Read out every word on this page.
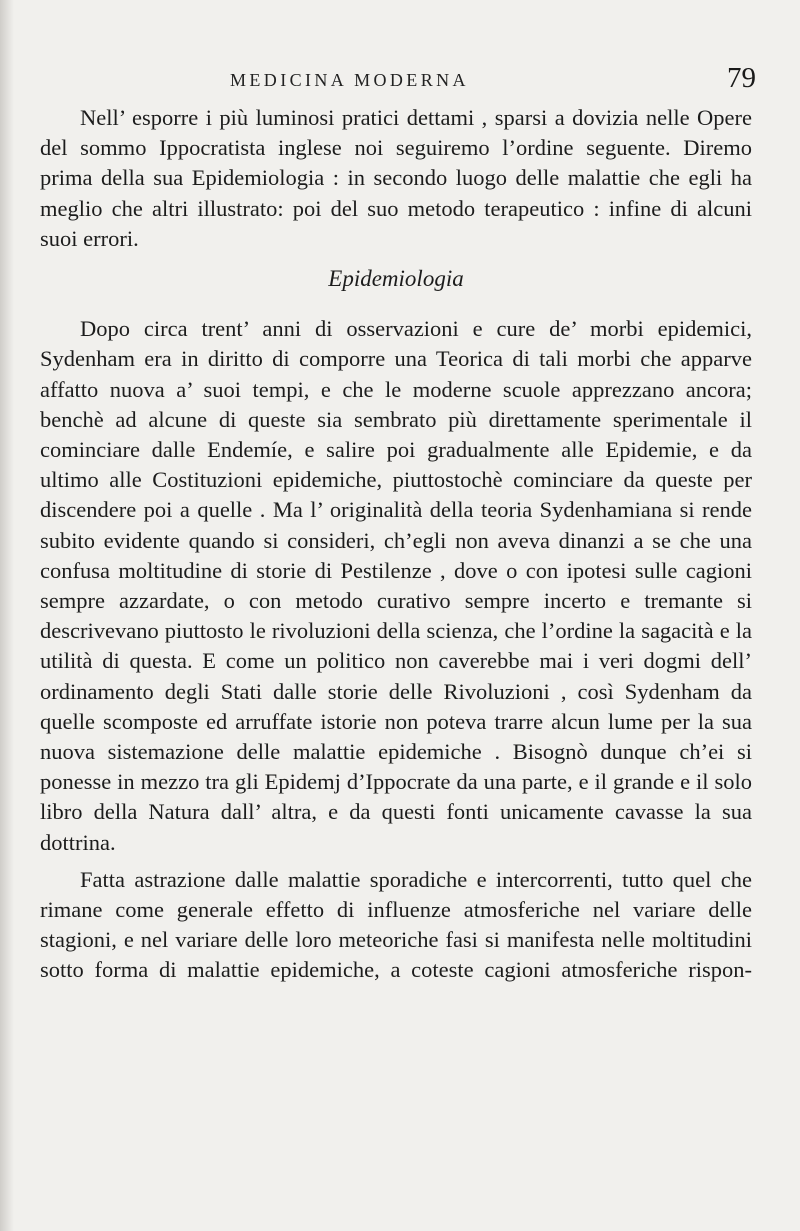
MEDICINA MODERNA	79

Nell’ esporre i più luminosi pratici dettami , sparsi a dovizia nelle Opere del sommo Ippocratista inglese noi seguiremo l’ordine seguente. Diremo prima della sua Epidemiologia : in secondo luogo delle malattie che egli ha meglio che altri illustrato: poi del suo metodo terapeutico : infine di alcuni suoi errori.

Epidemiologia

Dopo circa trent’ anni di osservazioni e cure de’ morbi epidemici, Sydenham era in diritto di comporre una Teorica di tali morbi che apparve affatto nuova a’ suoi tempi, e che le moderne scuole apprezzano ancora; benchè ad alcune di queste sia sembrato più direttamente sperimentale il cominciare dalle Endemíe, e salire poi gradualmente alle Epidemie, e da ultimo alle Costituzioni epidemiche, piuttostochè cominciare da queste per discendere poi a quelle . Ma l’ originalità della teoria Sydenhamiana si rende subito evidente quando si consideri, ch’egli non aveva dinanzi a se che una confusa moltitudine di storie di Pestilenze , dove o con ipotesi sulle cagioni sempre azzardate, o con metodo curativo sempre incerto e tremante si descrivevano piuttosto le rivoluzioni della scienza, che l’ordine la sagacità e la utilità di questa. E come un politico non caverebbe mai i veri dogmi dell’ ordinamento degli Stati dalle storie delle Rivoluzioni , così Sydenham da quelle scomposte ed arruffate istorie non poteva trarre alcun lume per la sua nuova sistemazione delle malattie epidemiche . Bisognò dunque ch’ei si ponesse in mezzo tra gli Epidemj d’Ippocrate da una parte, e il grande e il solo libro della Natura dall’ altra, e da questi fonti unicamente cavasse la sua dottrina.

Fatta astrazione dalle malattie sporadiche e intercorrenti, tutto quel che rimane come generale effetto di influenze atmosferiche nel variare delle stagioni, e nel variare delle loro meteoriche fasi si manifesta nelle moltitudini sotto forma di malattie epidemiche, a coteste cagioni atmosferiche rispon-
